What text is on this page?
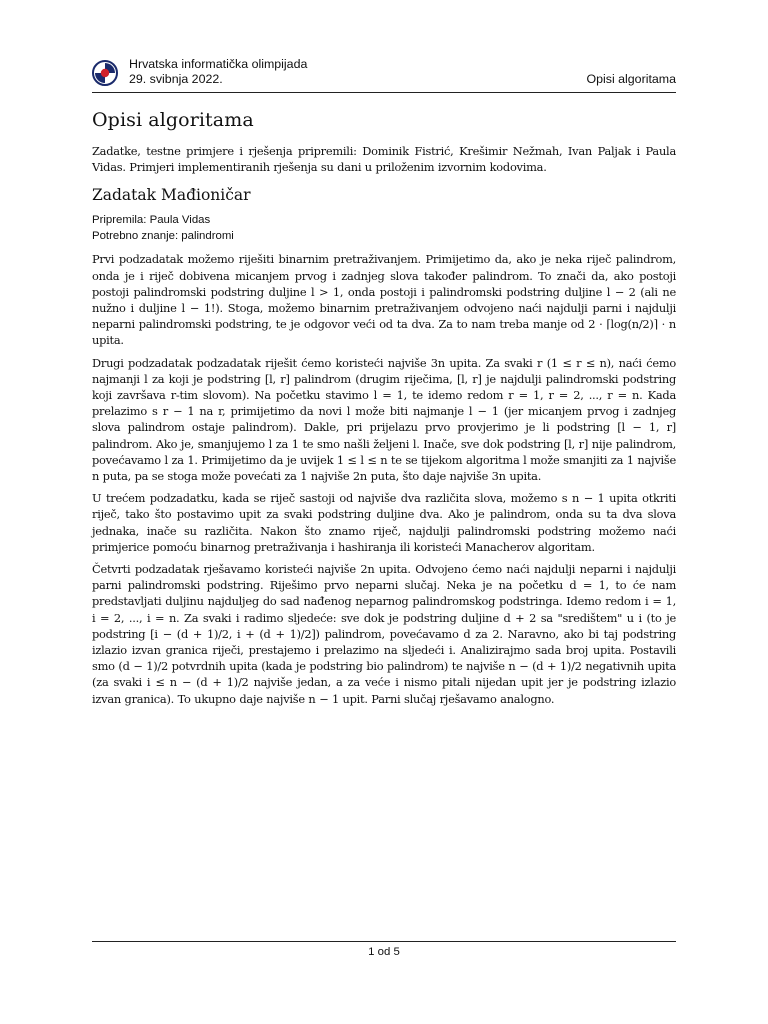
Hrvatska informatička olimpijada
29. svibnja 2022.	Opisi algoritama
Opisi algoritama

Zadatke, testne primjere i rješenja pripremili: Dominik Fistrić, Krešimir Nežmah, Ivan Paljak i Paula Vidas. Primjeri implementiranih rješenja su dani u priloženim izvornim kodovima.

Zadatak Mađioničar
Pripremila: Paula Vidas
Potrebno znanje: palindromi

Prvi podzadatak možemo riješiti binarnim pretraživanjem. Primijetimo da, ako je neka riječ palindrom, onda je i riječ dobivena micanjem prvog i zadnjeg slova također palindrom. To znači da, ako postoji postoji palindromski podstring duljine l > 1, onda postoji i palindromski podstring duljine l − 2 (ali ne nužno i duljine l − 1!). Stoga, možemo binarnim pretraživanjem odvojeno naći najdulji parni i najdulji neparni palindromski podstring, te je odgovor veći od ta dva. Za to nam treba manje od 2 · ⌈log(n/2)⌉ · n upita.

Drugi podzadatak podzadatak riješit ćemo koristeći najviše 3n upita. Za svaki r (1 ≤ r ≤ n), naći ćemo najmanji l za koji je podstring [l, r] palindrom (drugim riječima, [l, r] je najdulji palindromski podstring koji završava r-tim slovom). Na početku stavimo l = 1, te idemo redom r = 1, r = 2, ..., r = n. Kada prelazimo s r − 1 na r, primijetimo da novi l može biti najmanje l − 1 (jer micanjem prvog i zadnjeg slova palindrom ostaje palindrom). Dakle, pri prijelazu prvo provjerimo je li podstring [l − 1, r] palindrom. Ako je, smanjujemo l za 1 te smo našli željeni l. Inače, sve dok podstring [l, r] nije palindrom, povećavamo l za 1. Primijetimo da je uvijek 1 ≤ l ≤ n te se tijekom algoritma l može smanjiti za 1 najviše n puta, pa se stoga može povećati za 1 najviše 2n puta, što daje najviše 3n upita.

U trećem podzadatku, kada se riječ sastoji od najviše dva različita slova, možemo s n − 1 upita otkriti riječ, tako što postavimo upit za svaki podstring duljine dva. Ako je palindrom, onda su ta dva slova jednaka, inače su različita. Nakon što znamo riječ, najdulji palindromski podstring možemo naći primjerice pomoću binarnog pretraživanja i hashiranja ili koristeći Manacherov algoritam.

Četvrti podzadatak rješavamo koristeći najviše 2n upita. Odvojeno ćemo naći najdulji neparni i najdulji parni palindromski podstring. Riješimo prvo neparni slučaj. Neka je na početku d = 1, to će nam predstavljati duljinu najdulјeg do sad nađenog neparnog palindromskog podstringa. Idemo redom i = 1, i = 2, ..., i = n. Za svaki i radimo sljedeće: sve dok je podstring duljine d + 2 sa "središtem" u i (to je podstring [i − (d + 1)/2, i + (d + 1)/2]) palindrom, povećavamo d za 2. Naravno, ako bi taj podstring izlazio izvan granica riječi, prestajemo i prelazimo na sljedeći i. Analizirajmo sada broj upita. Postavili smo (d − 1)/2 potvrdnih upita (kada je podstring bio palindrom) te najviše n − (d + 1)/2 negativnih upita (za svaki i ≤ n − (d + 1)/2 najviše jedan, a za veće i nismo pitali nijedan upit jer je podstring izlazio izvan granica). To ukupno daje najviše n − 1 upit. Parni slučaj rješavamo analogno.

1 od 5
